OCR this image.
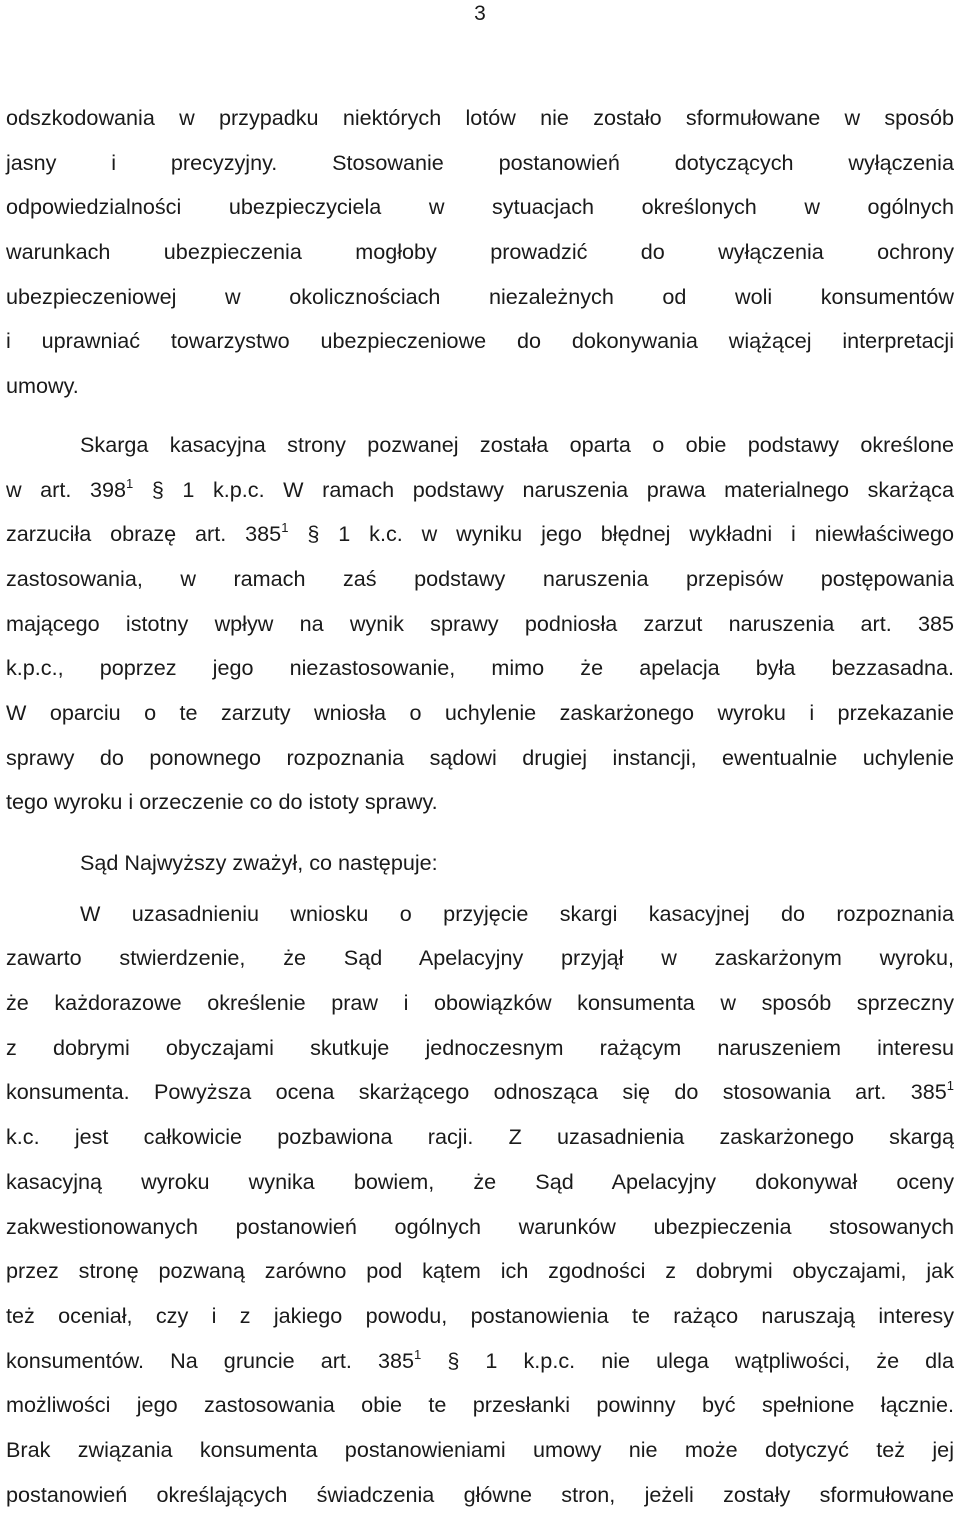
3
odszkodowania w przypadku niektórych lotów nie zostało sformułowane w sposób
jasny i precyzyjny. Stosowanie postanowień dotyczących wyłączenia
odpowiedzialności ubezpieczyciela w sytuacjach określonych w ogólnych
warunkach ubezpieczenia mogłoby prowadzić do wyłączenia ochrony
ubezpieczeniowej w okolicznościach niezależnych od woli konsumentów
i uprawniać towarzystwo ubezpieczeniowe do dokonywania wiążącej interpretacji
umowy.
Skarga kasacyjna strony pozwanej została oparta o obie podstawy określone
w art. $398^1$ § 1 k.p.c. W ramach podstawy naruszenia prawa materialnego skarżąca
zarzuciła obrazę art. $385^1$ § 1 k.c. w wyniku jego błędnej wykładni i niewłaściwego
zastosowania, w ramach zaś podstawy naruszenia przepisów postępowania
mającego istotny wpływ na wynik sprawy podniosła zarzut naruszenia art. 385
k.p.c., poprzez jego niezastosowanie, mimo że apelacja była bezzasadna.
W oparciu o te zarzuty wniosła o uchylenie zaskarżonego wyroku i przekazanie
sprawy do ponownego rozpoznania sądowi drugiej instancji, ewentualnie uchylenie
tego wyroku i orzeczenie co do istoty sprawy.
Sąd Najwyższy zważył, co następuje:
W uzasadnieniu wniosku o przyjęcie skargi kasacyjnej do rozpoznania
zawarto stwierdzenie, że Sąd Apelacyjny przyjął w zaskarżonym wyroku,
że każdorazowe określenie praw i obowiązków konsumenta w sposób sprzeczny
z dobrymi obyczajami skutkuje jednoczesnym rażącym naruszeniem interesu
konsumenta. Powyższa ocena skarżącego odnosząca się do stosowania art. $385^1$
k.c. jest całkowicie pozbawiona racji. Z uzasadnienia zaskarżonego skargą
kasacyjną wyroku wynika bowiem, że Sąd Apelacyjny dokonywał oceny
zakwestionowanych postanowień ogólnych warunków ubezpieczenia stosowanych
przez stronę pozwaną zarówno pod kątem ich zgodności z dobrymi obyczajami, jak
też oceniał, czy i z jakiego powodu, postanowienia te rażąco naruszają interesy
konsumentów. Na gruncie art. $385^1$ § 1 k.p.c. nie ulega wątpliwości, że dla
możliwości jego zastosowania obie te przesłanki powinny być spełnione łącznie.
Brak związania konsumenta postanowieniami umowy nie może dotyczyć też jej
postanowień określających świadczenia główne stron, jeżeli zostały sformułowane
